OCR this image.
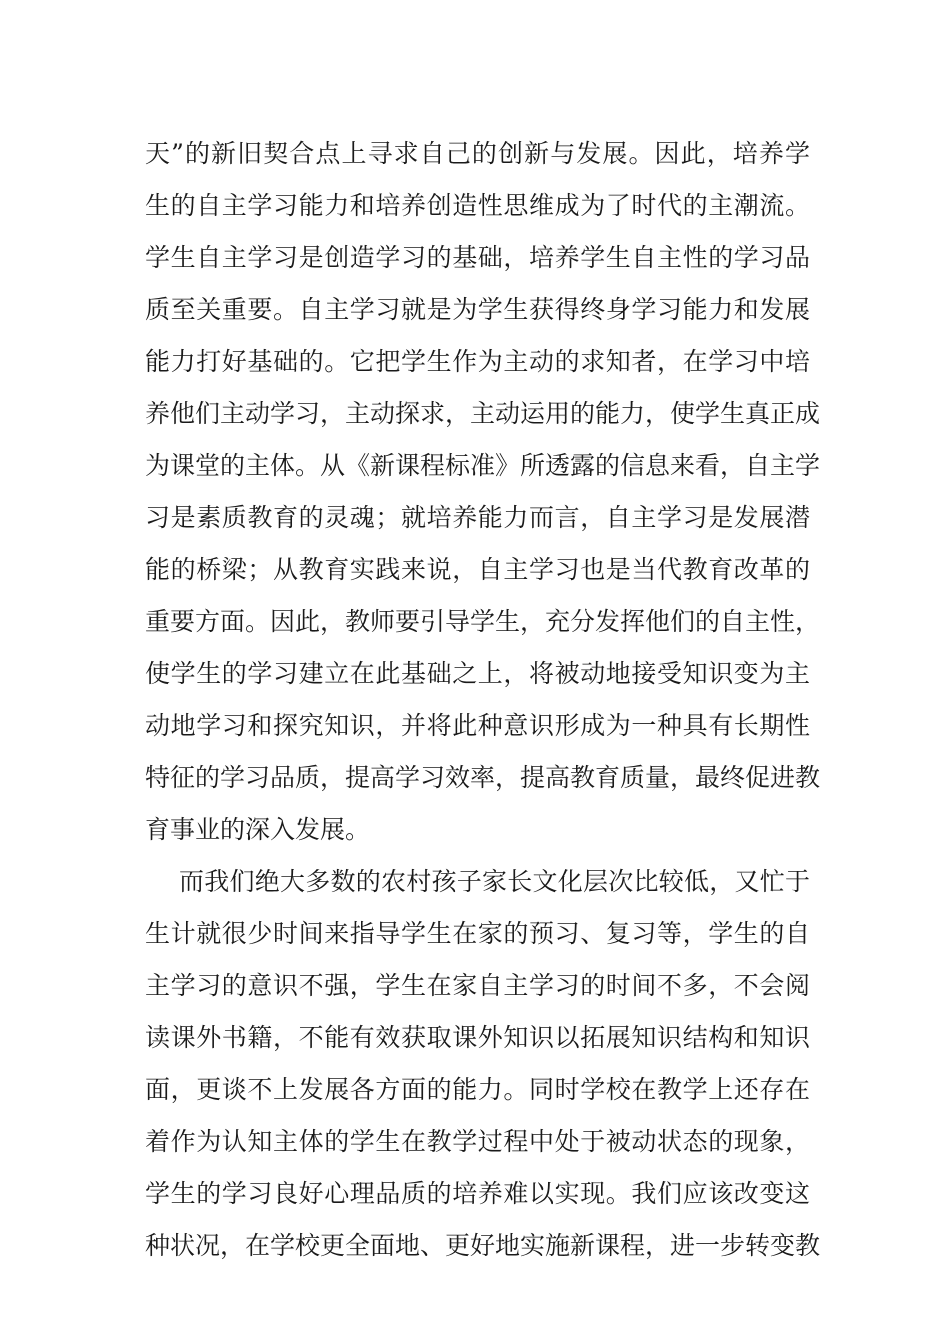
天”的新旧契合点上寻求自己的创新与发展。因此，培养学
生的自主学习能力和培养创造性思维成为了时代的主潮流。
学生自主学习是创造学习的基础，培养学生自主性的学习品
质至关重要。自主学习就是为学生获得终身学习能力和发展
能力打好基础的。它把学生作为主动的求知者，在学习中培
养他们主动学习，主动探求，主动运用的能力，使学生真正成
为课堂的主体。从《新课程标准》所透露的信息来看，自主学
习是素质教育的灵魂；就培养能力而言，自主学习是发展潜
能的桥梁；从教育实践来说，自主学习也是当代教育改革的
重要方面。因此，教师要引导学生，充分发挥他们的自主性，
使学生的学习建立在此基础之上，将被动地接受知识变为主
动地学习和探究知识，并将此种意识形成为一种具有长期性
特征的学习品质，提高学习效率，提高教育质量，最终促进教
育事业的深入发展。
而我们绝大多数的农村孩子家长文化层次比较低，又忙于
生计就很少时间来指导学生在家的预习、复习等，学生的自
主学习的意识不强，学生在家自主学习的时间不多，不会阅
读课外书籍，不能有效获取课外知识以拓展知识结构和知识
面，更谈不上发展各方面的能力。同时学校在教学上还存在
着作为认知主体的学生在教学过程中处于被动状态的现象，
学生的学习良好心理品质的培养难以实现。我们应该改变这
种状况，在学校更全面地、更好地实施新课程，进一步转变教
